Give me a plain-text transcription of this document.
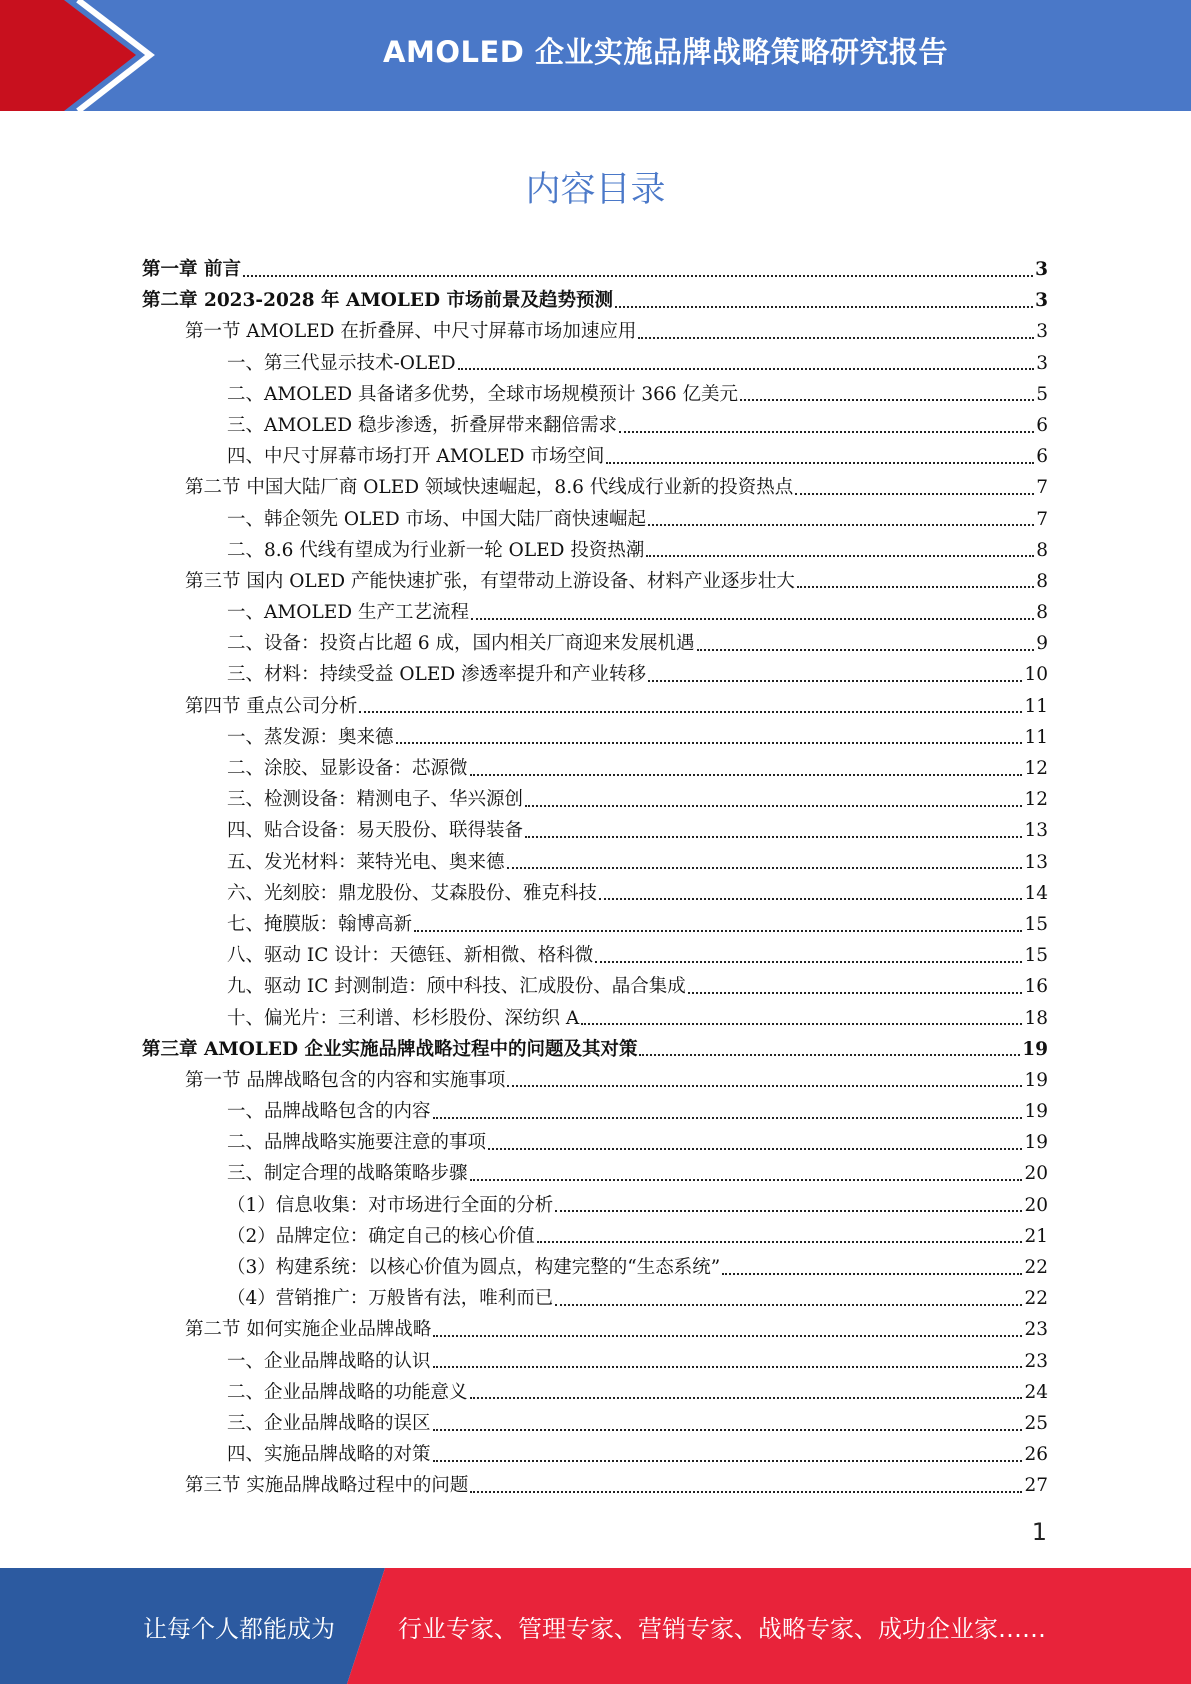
AMOLED 企业实施品牌战略策略研究报告
内容目录
第一章 前言	3
第二章 2023-2028 年 AMOLED 市场前景及趋势预测	3
第一节 AMOLED 在折叠屏、中尺寸屏幕市场加速应用	3
一、第三代显示技术-OLED	3
二、AMOLED 具备诸多优势，全球市场规模预计 366 亿美元	5
三、AMOLED 稳步渗透，折叠屏带来翻倍需求	6
四、中尺寸屏幕市场打开 AMOLED 市场空间	6
第二节 中国大陆厂商 OLED 领域快速崛起，8.6 代线成行业新的投资热点	7
一、韩企领先 OLED 市场、中国大陆厂商快速崛起	7
二、8.6 代线有望成为行业新一轮 OLED 投资热潮	8
第三节 国内 OLED 产能快速扩张，有望带动上游设备、材料产业逐步壮大	8
一、AMOLED 生产工艺流程	8
二、设备：投资占比超 6 成，国内相关厂商迎来发展机遇	9
三、材料：持续受益 OLED 渗透率提升和产业转移	10
第四节 重点公司分析	11
一、蒸发源：奥来德	11
二、涂胶、显影设备：芯源微	12
三、检测设备：精测电子、华兴源创	12
四、贴合设备：易天股份、联得装备	13
五、发光材料：莱特光电、奥来德	13
六、光刻胶：鼎龙股份、艾森股份、雅克科技	14
七、掩膜版：翰博高新	15
八、驱动 IC 设计：天德钰、新相微、格科微	15
九、驱动 IC 封测制造：颀中科技、汇成股份、晶合集成	16
十、偏光片：三利谱、杉杉股份、深纺织 A	18
第三章 AMOLED 企业实施品牌战略过程中的问题及其对策	19
第一节 品牌战略包含的内容和实施事项	19
一、品牌战略包含的内容	19
二、品牌战略实施要注意的事项	19
三、制定合理的战略策略步骤	20
（1）信息收集：对市场进行全面的分析	20
（2）品牌定位：确定自己的核心价值	21
（3）构建系统：以核心价值为圆点，构建完整的“生态系统”	22
（4）营销推广：万般皆有法，唯利而已	22
第二节 如何实施企业品牌战略	23
一、企业品牌战略的认识	23
二、企业品牌战略的功能意义	24
三、企业品牌战略的误区	25
四、实施品牌战略的对策	26
第三节 实施品牌战略过程中的问题	27
1
让每个人都能成为	行业专家、管理专家、营销专家、战略专家、成功企业家……
